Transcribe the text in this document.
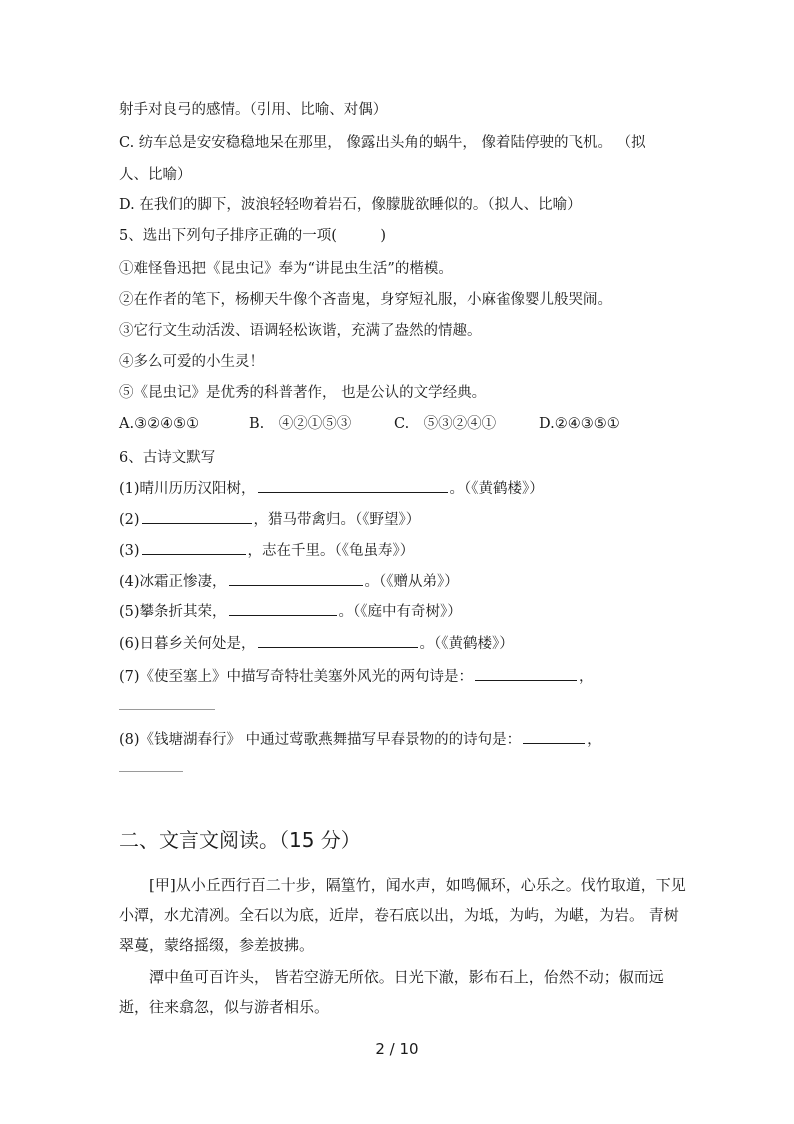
射手对良弓的感情。（引用、比喻、对偶）
C. 纺车总是安安稳稳地呆在那里， 像露出头角的蜗牛， 像着陆停驶的飞机。 （拟
人、比喻）
D. 在我们的脚下，波浪轻轻吻着岩石，像朦胧欲睡似的。（拟人、比喻）
5、选出下列句子排序正确的一项(　　　)
①难怪鲁迅把《昆虫记》奉为“讲昆虫生活”的楷模。
②在作者的笔下，杨柳天牛像个吝啬鬼，身穿短礼服，小麻雀像婴儿般哭闹。
③它行文生动活泼、语调轻松诙谐，充满了盎然的情趣。
④多么可爱的小生灵！
⑤《昆虫记》是优秀的科普著作， 也是公认的文学经典。
A.③②④⑤①	B.　④②①⑤③	C.　⑤③②④①	D.②④③⑤①
6、古诗文默写
(1)晴川历历汉阳树，	。（《黄鹤楼》）
(2)	，猎马带禽归。（《野望》）
(3)	，志在千里。（《龟虽寿》）
(4)冰霜正惨凄，	。（《赠从弟》）
(5)攀条折其荣，	。（《庭中有奇树》）
(6)日暮乡关何处是，	。（《黄鹤楼》）
(7)《使至塞上》中描写奇特壮美塞外风光的两句诗是：	，
(8)《钱塘湖春行》 中通过莺歌燕舞描写早春景物的的诗句是：	，
二、文言文阅读。（15 分）
[甲]从小丘西行百二十步，隔篁竹，闻水声，如鸣佩环，心乐之。伐竹取道，下见小潭，水尤清冽。全石以为底，近岸，卷石底以出，为坻，为屿，为嵁，为岩。 青树翠蔓，蒙络摇缀，参差披拂。
潭中鱼可百许头， 皆若空游无所依。日光下澈，影布石上，佁然不动；俶而远逝，往来翕忽，似与游者相乐。
2 / 10
